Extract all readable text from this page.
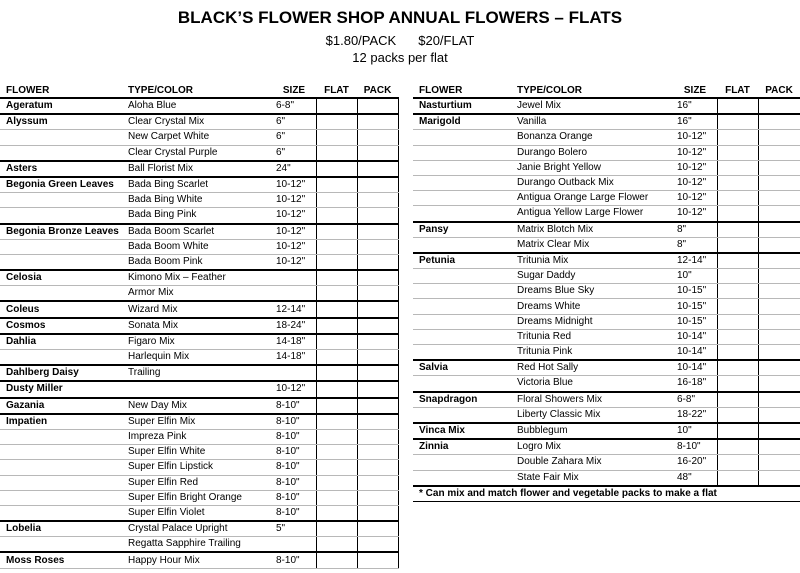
BLACK’S FLOWER SHOP ANNUAL FLOWERS – FLATS
$1.80/PACK $20/FLAT
12 packs per flat
FLOWER	TYPE/COLOR	SIZE	FLAT	PACK
Ageratum	Aloha Blue	6-8"		
Alyssum	Clear Crystal Mix	6"		
	New Carpet White	6"		
	Clear Crystal Purple	6"		
Asters	Ball Florist Mix	24"		
Begonia Green Leaves	Bada Bing Scarlet	10-12"		
	Bada Bing White	10-12"		
	Bada Bing Pink	10-12"		
Begonia Bronze Leaves	Bada Boom Scarlet	10-12"		
	Bada Boom White	10-12"		
	Bada Boom Pink	10-12"		
Celosia	Kimono Mix – Feather			
	Armor Mix			
Coleus	Wizard Mix	12-14"		
Cosmos	Sonata Mix	18-24"		
Dahlia	Figaro Mix	14-18"		
	Harlequin Mix	14-18"		
Dahlberg Daisy	Trailing			
Dusty Miller		10-12"		
Gazania	New Day Mix	8-10"		
Impatien	Super Elfin Mix	8-10"		
	Impreza Pink	8-10"		
	Super Elfin White	8-10"		
	Super Elfin Lipstick	8-10"		
	Super Elfin Red	8-10"		
	Super Elfin Bright Orange	8-10"		
	Super Elfin Violet	8-10"		
Lobelia	Crystal Palace Upright	5"		
	Regatta Sapphire Trailing			
Moss Roses	Happy Hour Mix	8-10"		
FLOWER	TYPE/COLOR	SIZE	FLAT	PACK
Nasturtium	Jewel Mix	16"		
Marigold	Vanilla	16"		
	Bonanza Orange	10-12"		
	Durango Bolero	10-12"		
	Janie Bright Yellow	10-12"		
	Durango Outback Mix	10-12"		
	Antigua Orange Large Flower	10-12"		
	Antigua Yellow Large Flower	10-12"		
Pansy	Matrix Blotch Mix	8"		
	Matrix Clear Mix	8"		
Petunia	Tritunia Mix	12-14"		
	Sugar Daddy	10"		
	Dreams Blue Sky	10-15"		
	Dreams White	10-15"		
	Dreams Midnight	10-15"		
	Tritunia Red	10-14"		
	Tritunia Pink	10-14"		
Salvia	Red Hot Sally	10-14"		
	Victoria Blue	16-18"		
Snapdragon	Floral Showers Mix	6-8"		
	Liberty Classic Mix	18-22"		
Vinca Mix	Bubblegum	10"		
Zinnia	Logro Mix	8-10"		
	Double Zahara Mix	16-20"		
	State Fair Mix	48"		
* Can mix and match flower and vegetable packs to make a flat				
